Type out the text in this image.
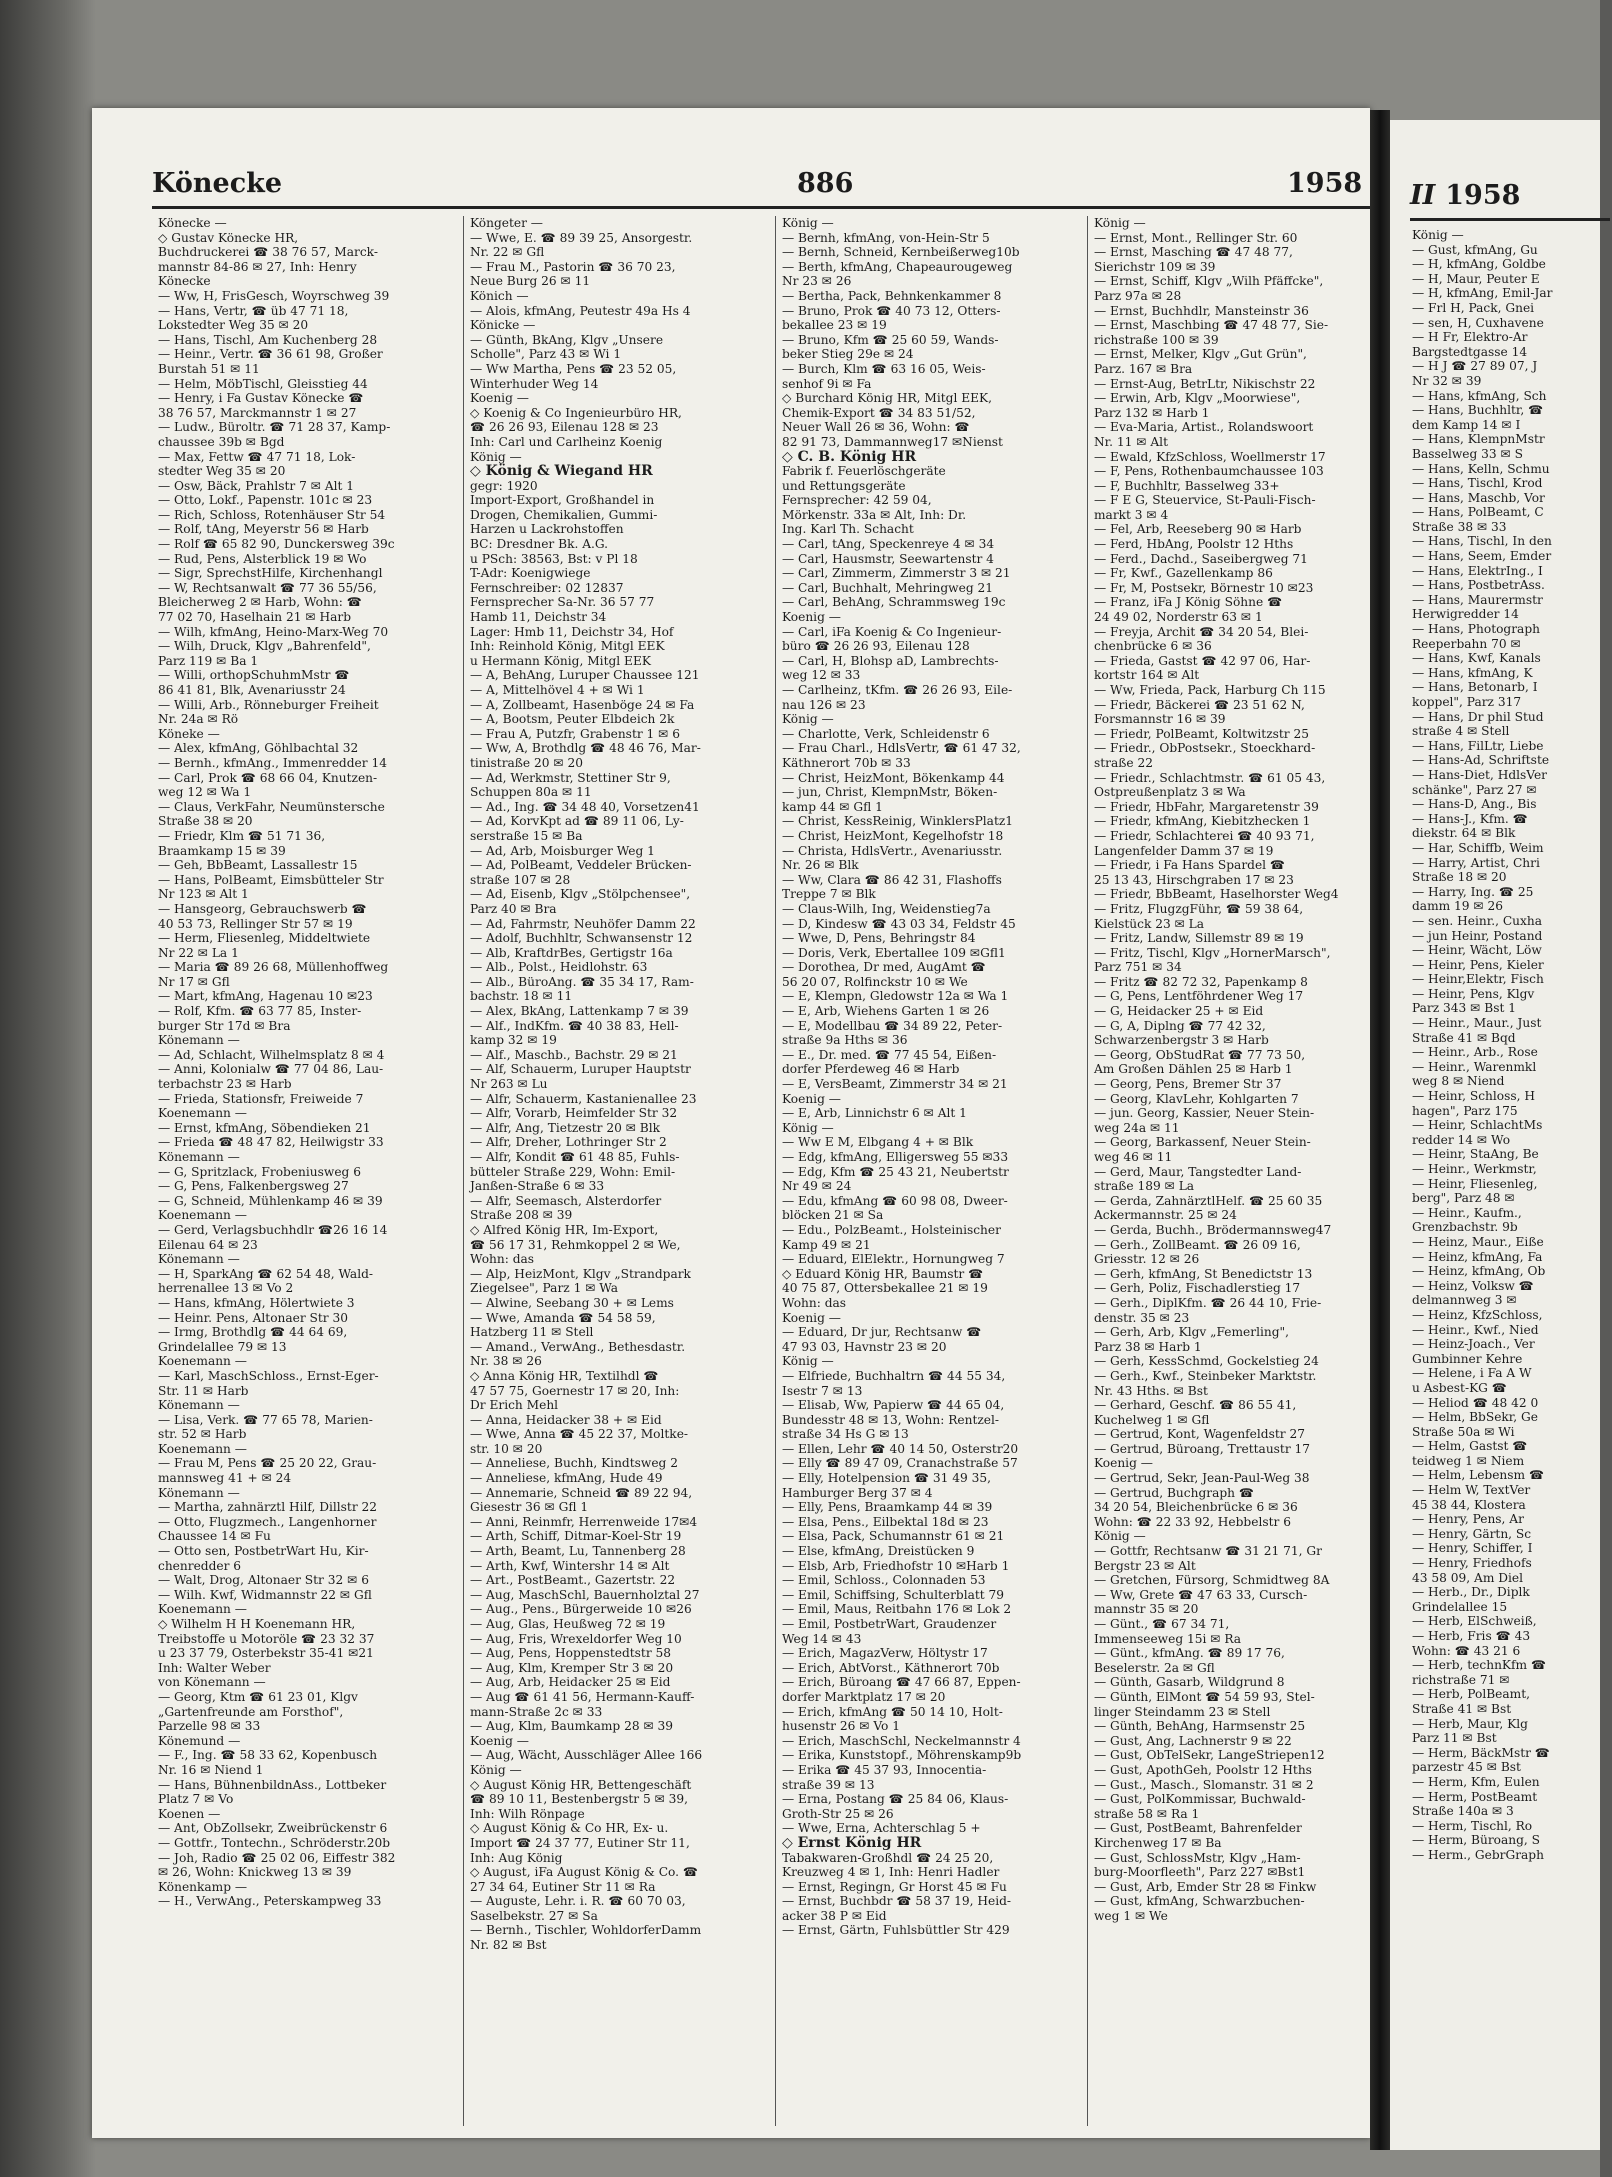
Könecke	886	1958
Könecke —
◇ Gustav Könecke HR,
Buchdruckerei ☎ 38 76 57, Marck-
mannstr 84-86 ✉ 27, Inh: Henry
Könecke
— Ww, H, FrisGesch, Woyrschweg 39
— Hans, Vertr, ☎ üb 47 71 18,
Lokstedter Weg 35 ✉ 20
— Hans, Tischl, Am Kuchenberg 28
— Heinr., Vertr. ☎ 36 61 98, Großer
Burstah 51 ✉ 11
— Helm, MöbTischl, Gleisstieg 44
— Henry, i Fa Gustav Könecke ☎
38 76 57, Marckmannstr 1 ✉ 27
— Ludw., Büroltr. ☎ 71 28 37, Kamp-
chaussee 39b ✉ Bgd
— Max, Fettw ☎ 47 71 18, Lok-
stedter Weg 35 ✉ 20
— Osw, Bäck, Prahlstr 7 ✉ Alt 1
— Otto, Lokf., Papenstr. 101c ✉ 23
— Rich, Schloss, Rotenhäuser Str 54
— Rolf, tAng, Meyerstr 56 ✉ Harb
— Rolf ☎ 65 82 90, Dunckersweg 39c
— Rud, Pens, Alsterblick 19 ✉ Wo
— Sigr, SprechstHilfe, Kirchenhangl
— W, Rechtsanwalt ☎ 77 36 55/56,
Bleicherweg 2 ✉ Harb, Wohn: ☎
77 02 70, Haselhain 21 ✉ Harb
— Wilh, kfmAng, Heino-Marx-Weg 70
— Wilh, Druck, Klgv „Bahrenfeld",
Parz 119 ✉ Ba 1
— Willi, orthopSchuhmMstr ☎
86 41 81, Blk, Avenariusstr 24
— Willi, Arb., Rönneburger Freiheit
Nr. 24a ✉ Rö
Köneke —
— Alex, kfmAng, Göhlbachtal 32
— Bernh., kfmAng., Immenredder 14
— Carl, Prok ☎ 68 66 04, Knutzen-
weg 12 ✉ Wa 1
— Claus, VerkFahr, Neumünstersche
Straße 38 ✉ 20
— Friedr, Klm ☎ 51 71 36,
Braamkamp 15 ✉ 39
— Geh, BbBeamt, Lassallestr 15
— Hans, PolBeamt, Eimsbütteler Str
Nr 123 ✉ Alt 1
— Hansgeorg, Gebrauchswerb ☎
40 53 73, Rellinger Str 57 ✉ 19
— Herm, Fliesenleg, Middeltwiete
Nr 22 ✉ La 1
— Maria ☎ 89 26 68, Müllenhoffweg
Nr 17 ✉ Gfl
— Mart, kfmAng, Hagenau 10 ✉23
— Rolf, Kfm. ☎ 63 77 85, Inster-
burger Str 17d ✉ Bra
Könemann —
— Ad, Schlacht, Wilhelmsplatz 8 ✉ 4
— Anni, Kolonialw ☎ 77 04 86, Lau-
terbachstr 23 ✉ Harb
— Frieda, Stationsfr, Freiweide 7
Koenemann —
— Ernst, kfmAng, Söbendieken 21
— Frieda ☎ 48 47 82, Heilwigstr 33
Könemann —
— G, Spritzlack, Frobeniusweg 6
— G, Pens, Falkenbergsweg 27
— G, Schneid, Mühlenkamp 46 ✉ 39
Koenemann —
— Gerd, Verlagsbuchhdlr ☎26 16 14
Eilenau 64 ✉ 23
Könemann —
— H, SparkAng ☎ 62 54 48, Wald-
herrenallee 13 ✉ Vo 2
— Hans, kfmAng, Hölertwiete 3
— Heinr. Pens, Altonaer Str 30
— Irmg, Brothdlg ☎ 44 64 69,
Grindelallee 79 ✉ 13
Koenemann —
— Karl, MaschSchloss., Ernst-Eger-
Str. 11 ✉ Harb
Könemann —
— Lisa, Verk. ☎ 77 65 78, Marien-
str. 52 ✉ Harb
Koenemann —
— Frau M, Pens ☎ 25 20 22, Grau-
mannsweg 41 + ✉ 24
Könemann —
— Martha, zahnärztl Hilf, Dillstr 22
— Otto, Flugzmech., Langenhorner
Chaussee 14 ✉ Fu
— Otto sen, PostbetrWart Hu, Kir-
chenredder 6
— Walt, Drog, Altonaer Str 32 ✉ 6
— Wilh. Kwf, Widmannstr 22 ✉ Gfl
Koenemann —
◇ Wilhelm H H Koenemann HR,
Treibstoffe u Motoröle ☎ 23 32 37
u 23 37 79, Osterbekstr 35-41 ✉21
Inh: Walter Weber
von Könemann —
— Georg, Ktm ☎ 61 23 01, Klgv
„Gartenfreunde am Forsthof",
Parzelle 98 ✉ 33
Könemund —
— F., Ing. ☎ 58 33 62, Kopenbusch
Nr. 16 ✉ Niend 1
— Hans, BühnenbildnAss., Lottbeker
Platz 7 ✉ Vo
Koenen —
— Ant, ObZollsekr, Zweibrückenstr 6
— Gottfr., Tontechn., Schröderstr.20b
— Joh, Radio ☎ 25 02 06, Eiffestr 382
✉ 26, Wohn: Knickweg 13 ✉ 39
Könenkamp —
— H., VerwAng., Peterskampweg 33
Köngeter —
— Wwe, E. ☎ 89 39 25, Ansorgestr.
Nr. 22 ✉ Gfl
— Frau M., Pastorin ☎ 36 70 23,
Neue Burg 26 ✉ 11
Könich —
— Alois, kfmAng, Peutestr 49a Hs 4
Könicke —
— Günth, BkAng, Klgv „Unsere
Scholle", Parz 43 ✉ Wi 1
— Ww Martha, Pens ☎ 23 52 05,
Winterhuder Weg 14
Koenig —
◇ Koenig & Co Ingenieurbüro HR,
☎ 26 26 93, Eilenau 128 ✉ 23
Inh: Carl und Carlheinz Koenig
König —
◇ König & Wiegand HR
gegr: 1920
Import-Export, Großhandel in
Drogen, Chemikalien, Gummi-
Harzen u Lackrohstoffen
BC: Dresdner Bk. A.G.
u PSch: 38563, Bst: v Pl 18
T-Adr: Koenigwiege
Fernschreiber: 02 12837
Fernsprecher Sa-Nr. 36 57 77
Hamb 11, Deichstr 34
Lager: Hmb 11, Deichstr 34, Hof
Inh: Reinhold König, Mitgl EEK
u Hermann König, Mitgl EEK
— A, BehAng, Luruper Chaussee 121
— A, Mittelhövel 4 + ✉ Wi 1
— A, Zollbeamt, Hasenböge 24 ✉ Fa
— A, Bootsm, Peuter Elbdeich 2k
— Frau A, Putzfr, Grabenstr 1 ✉ 6
— Ww, A, Brothdlg ☎ 48 46 76, Mar-
tinistraße 20 ✉ 20
— Ad, Werkmstr, Stettiner Str 9,
Schuppen 80a ✉ 11
— Ad., Ing. ☎ 34 48 40, Vorsetzen41
— Ad, KorvKpt ad ☎ 89 11 06, Ly-
serstraße 15 ✉ Ba
— Ad, Arb, Moisburger Weg 1
— Ad, PolBeamt, Veddeler Brücken-
straße 107 ✉ 28
— Ad, Eisenb, Klgv „Stölpchensee",
Parz 40 ✉ Bra
— Ad, Fahrmstr, Neuhöfer Damm 22
— Adolf, Buchhltr, Schwansenstr 12
— Alb, KraftdrBes, Gertigstr 16a
— Alb., Polst., Heidlohstr. 63
— Alb., BüroAng. ☎ 35 34 17, Ram-
bachstr. 18 ✉ 11
— Alex, BkAng, Lattenkamp 7 ✉ 39
— Alf., IndKfm. ☎ 40 38 83, Hell-
kamp 32 ✉ 19
— Alf., Maschb., Bachstr. 29 ✉ 21
— Alf, Schauerm, Luruper Hauptstr
Nr 263 ✉ Lu
— Alfr, Schauerm, Kastanienallee 23
— Alfr, Vorarb, Heimfelder Str 32
— Alfr, Ang, Tietzestr 20 ✉ Blk
— Alfr, Dreher, Lothringer Str 2
— Alfr, Kondit ☎ 61 48 85, Fuhls-
bütteler Straße 229, Wohn: Emil-
Janßen-Straße 6 ✉ 33
— Alfr, Seemasch, Alsterdorfer
Straße 208 ✉ 39
◇ Alfred König HR, Im-Export,
☎ 56 17 31, Rehmkoppel 2 ✉ We,
Wohn: das
— Alp, HeizMont, Klgv „Strandpark
Ziegelsee", Parz 1 ✉ Wa
— Alwine, Seebang 30 + ✉ Lems
— Wwe, Amanda ☎ 54 58 59,
Hatzberg 11 ✉ Stell
— Amand., VerwAng., Bethesdastr.
Nr. 38 ✉ 26
◇ Anna König HR, Textilhdl ☎
47 57 75, Goernestr 17 ✉ 20, Inh:
Dr Erich Mehl
— Anna, Heidacker 38 + ✉ Eid
— Wwe, Anna ☎ 45 22 37, Moltke-
str. 10 ✉ 20
— Anneliese, Buchh, Kindtsweg 2
— Anneliese, kfmAng, Hude 49
— Annemarie, Schneid ☎ 89 22 94,
Giesestr 36 ✉ Gfl 1
— Anni, Reinmfr, Herrenweide 17✉4
— Arth, Schiff, Ditmar-Koel-Str 19
— Arth, Beamt, Lu, Tannenberg 28
— Arth, Kwf, Wintershr 14 ✉ Alt
— Art., PostBeamt., Gazertstr. 22
— Aug, MaschSchl, Bauernholztal 27
— Aug., Pens., Bürgerweide 10 ✉26
— Aug, Glas, Heußweg 72 ✉ 19
— Aug, Fris, Wrexeldorfer Weg 10
— Aug, Pens, Hoppenstedtstr 58
— Aug, Klm, Kremper Str 3 ✉ 20
— Aug, Arb, Heidacker 25 ✉ Eid
— Aug ☎ 61 41 56, Hermann-Kauff-
mann-Straße 2c ✉ 33
— Aug, Klm, Baumkamp 28 ✉ 39
Koenig —
— Aug, Wächt, Ausschläger Allee 166
König —
◇ August König HR, Bettengeschäft
☎ 89 10 11, Bestenbergstr 5 ✉ 39,
Inh: Wilh Rönpage
◇ August König & Co HR, Ex- u.
Import ☎ 24 37 77, Eutiner Str 11,
Inh: Aug König
◇ August, iFa August König & Co. ☎
27 34 64, Eutiner Str 11 ✉ Ra
— Auguste, Lehr. i. R. ☎ 60 70 03,
Saselbekstr. 27 ✉ Sa
— Bernh., Tischler, WohldorferDamm
Nr. 82 ✉ Bst
König —
— Bernh, kfmAng, von-Hein-Str 5
— Bernh, Schneid, Kernbeißerweg10b
— Berth, kfmAng, Chapeaurougeweg
Nr 23 ✉ 26
— Bertha, Pack, Behnkenkammer 8
— Bruno, Prok ☎ 40 73 12, Otters-
bekallee 23 ✉ 19
— Bruno, Kfm ☎ 25 60 59, Wands-
beker Stieg 29e ✉ 24
— Burch, Klm ☎ 63 16 05, Weis-
senhof 9i ✉ Fa
◇ Burchard König HR, Mitgl EEK,
Chemik-Export ☎ 34 83 51/52,
Neuer Wall 26 ✉ 36, Wohn: ☎
82 91 73, Dammannweg17 ✉Nienst
◇ C. B. König HR
Fabrik f. Feuerlöschgeräte
und Rettungsgeräte
Fernsprecher: 42 59 04,
Mörkenstr. 33a ✉ Alt, Inh: Dr.
Ing. Karl Th. Schacht
— Carl, tAng, Speckenreye 4 ✉ 34
— Carl, Hausmstr, Seewartenstr 4
— Carl, Zimmerm, Zimmerstr 3 ✉ 21
— Carl, Buchhalt, Mehringweg 21
— Carl, BehAng, Schrammsweg 19c
Koenig —
— Carl, iFa Koenig & Co Ingenieur-
büro ☎ 26 26 93, Eilenau 128
— Carl, H, Blohsp aD, Lambrechts-
weg 12 ✉ 33
— Carlheinz, tKfm. ☎ 26 26 93, Eile-
nau 126 ✉ 23
König —
— Charlotte, Verk, Schleidenstr 6
— Frau Charl., HdlsVertr, ☎ 61 47 32,
Käthnerort 70b ✉ 33
— Christ, HeizMont, Bökenkamp 44
— jun, Christ, KlempnMstr, Böken-
kamp 44 ✉ Gfl 1
— Christ, KessReinig, WinklersPlatz1
— Christ, HeizMont, Kegelhofstr 18
— Christa, HdlsVertr., Avenariusstr.
Nr. 26 ✉ Blk
— Ww, Clara ☎ 86 42 31, Flashoffs
Treppe 7 ✉ Blk
— Claus-Wilh, Ing, Weidenstieg7a
— D, Kindesw ☎ 43 03 34, Feldstr 45
— Wwe, D, Pens, Behringstr 84
— Doris, Verk, Ebertallee 109 ✉Gfl1
— Dorothea, Dr med, AugAmt ☎
56 20 07, Rolfinckstr 10 ✉ We
— E, Klempn, Gledowstr 12a ✉ Wa 1
— E, Arb, Wiehens Garten 1 ✉ 26
— E, Modellbau ☎ 34 89 22, Peter-
straße 9a Hths ✉ 36
— E., Dr. med. ☎ 77 45 54, Eißen-
dorfer Pferdeweg 46 ✉ Harb
— E, VersBeamt, Zimmerstr 34 ✉ 21
Koenig —
— E, Arb, Linnichstr 6 ✉ Alt 1
König —
— Ww E M, Elbgang 4 + ✉ Blk
— Edg, kfmAng, Elligersweg 55 ✉33
— Edg, Kfm ☎ 25 43 21, Neubertstr
Nr 49 ✉ 24
— Edu, kfmAng ☎ 60 98 08, Dweer-
blöcken 21 ✉ Sa
— Edu., PolzBeamt., Holsteinischer
Kamp 49 ✉ 21
— Eduard, ElElektr., Hornungweg 7
◇ Eduard König HR, Baumstr ☎
40 75 87, Ottersbekallee 21 ✉ 19
Wohn: das
Koenig —
— Eduard, Dr jur, Rechtsanw ☎
47 93 03, Havnstr 23 ✉ 20
König —
— Elfriede, Buchhaltrn ☎ 44 55 34,
Isestr 7 ✉ 13
— Elisab, Ww, Papierw ☎ 44 65 04,
Bundesstr 48 ✉ 13, Wohn: Rentzel-
straße 34 Hs G ✉ 13
— Ellen, Lehr ☎ 40 14 50, Osterstr20
— Elly ☎ 89 47 09, Cranachstraße 57
— Elly, Hotelpension ☎ 31 49 35,
Hamburger Berg 37 ✉ 4
— Elly, Pens, Braamkamp 44 ✉ 39
— Elsa, Pens., Eilbektal 18d ✉ 23
— Elsa, Pack, Schumannstr 61 ✉ 21
— Else, kfmAng, Dreistücken 9
— Elsb, Arb, Friedhofstr 10 ✉Harb 1
— Emil, Schloss., Colonnaden 53
— Emil, Schiffsing, Schulterblatt 79
— Emil, Maus, Reitbahn 176 ✉ Lok 2
— Emil, PostbetrWart, Graudenzer
Weg 14 ✉ 43
— Erich, MagazVerw, Höltystr 17
— Erich, AbtVorst., Käthnerort 70b
— Erich, Büroang ☎ 47 66 87, Eppen-
dorfer Marktplatz 17 ✉ 20
— Erich, kfmAng ☎ 50 14 10, Holt-
husenstr 26 ✉ Vo 1
— Erich, MaschSchl, Neckelmannstr 4
— Erika, Kunststopf., Möhrenskamp9b
— Erika ☎ 45 37 93, Innocentia-
straße 39 ✉ 13
— Erna, Postang ☎ 25 84 06, Klaus-
Groth-Str 25 ✉ 26
— Wwe, Erna, Achterschlag 5 +
◇ Ernst König HR
Tabakwaren-Großhdl ☎ 24 25 20,
Kreuzweg 4 ✉ 1, Inh: Henri Hadler
— Ernst, Regingn, Gr Horst 45 ✉ Fu
— Ernst, Buchbdr ☎ 58 37 19, Heid-
acker 38 P ✉ Eid
— Ernst, Gärtn, Fuhlsbüttler Str 429
König —
— Ernst, Mont., Rellinger Str. 60
— Ernst, Masching ☎ 47 48 77,
Sierichstr 109 ✉ 39
— Ernst, Schiff, Klgv „Wilh Pfäffcke",
Parz 97a ✉ 28
— Ernst, Buchhdlr, Mansteinstr 36
— Ernst, Maschbing ☎ 47 48 77, Sie-
richstraße 100 ✉ 39
— Ernst, Melker, Klgv „Gut Grün",
Parz. 167 ✉ Bra
— Ernst-Aug, BetrLtr, Nikischstr 22
— Erwin, Arb, Klgv „Moorwiese",
Parz 132 ✉ Harb 1
— Eva-Maria, Artist., Rolandswoort
Nr. 11 ✉ Alt
— Ewald, KfzSchloss, Woellmerstr 17
— F, Pens, Rothenbaumchaussee 103
— F, Buchhltr, Basselweg 33+
— F E G, Steuervice, St-Pauli-Fisch-
markt 3 ✉ 4
— Fel, Arb, Reeseberg 90 ✉ Harb
— Ferd, HbAng, Poolstr 12 Hths
— Ferd., Dachd., Saseibergweg 71
— Fr, Kwf., Gazellenkamp 86
— Fr, M, Postsekr, Börnestr 10 ✉23
— Franz, iFa J König Söhne ☎
24 49 02, Norderstr 63 ✉ 1
— Freyja, Archit ☎ 34 20 54, Blei-
chenbrücke 6 ✉ 36
— Frieda, Gastst ☎ 42 97 06, Har-
kortstr 164 ✉ Alt
— Ww, Frieda, Pack, Harburg Ch 115
— Friedr, Bäckerei ☎ 23 51 62 N,
Forsmannstr 16 ✉ 39
— Friedr, PolBeamt, Koltwitzstr 25
— Friedr., ObPostsekr., Stoeckhard-
straße 22
— Friedr., Schlachtmstr. ☎ 61 05 43,
Ostpreußenplatz 3 ✉ Wa
— Friedr, HbFahr, Margaretenstr 39
— Friedr, kfmAng, Kiebitzhecken 1
— Friedr, Schlachterei ☎ 40 93 71,
Langenfelder Damm 37 ✉ 19
— Friedr, i Fa Hans Spardel ☎
25 13 43, Hirschgraben 17 ✉ 23
— Friedr, BbBeamt, Haselhorster Weg4
— Fritz, FlugzgFühr, ☎ 59 38 64,
Kielstück 23 ✉ La
— Fritz, Landw, Sillemstr 89 ✉ 19
— Fritz, Tischl, Klgv „HornerMarsch",
Parz 751 ✉ 34
— Fritz ☎ 82 72 32, Papenkamp 8
— G, Pens, Lentföhrdener Weg 17
— G, Heidacker 25 + ✉ Eid
— G, A, Diplng ☎ 77 42 32,
Schwarzenbergstr 3 ✉ Harb
— Georg, ObStudRat ☎ 77 73 50,
Am Großen Dählen 25 ✉ Harb 1
— Georg, Pens, Bremer Str 37
— Georg, KlavLehr, Kohlgarten 7
— jun. Georg, Kassier, Neuer Stein-
weg 24a ✉ 11
— Georg, Barkassenf, Neuer Stein-
weg 46 ✉ 11
— Gerd, Maur, Tangstedter Land-
straße 189 ✉ La
— Gerda, ZahnärztlHelf. ☎ 25 60 35
Ackermannstr. 25 ✉ 24
— Gerda, Buchh., Brödermannsweg47
— Gerh., ZollBeamt. ☎ 26 09 16,
Griesstr. 12 ✉ 26
— Gerh, kfmAng, St Benedictstr 13
— Gerh, Poliz, Fischadlerstieg 17
— Gerh., DiplKfm. ☎ 26 44 10, Frie-
denstr. 35 ✉ 23
— Gerh, Arb, Klgv „Femerling",
Parz 38 ✉ Harb 1
— Gerh, KessSchmd, Gockelstieg 24
— Gerh., Kwf., Steinbeker Marktstr.
Nr. 43 Hths. ✉ Bst
— Gerhard, Geschf. ☎ 86 55 41,
Kuchelweg 1 ✉ Gfl
— Gertrud, Kont, Wagenfeldstr 27
— Gertrud, Büroang, Trettaustr 17
Koenig —
— Gertrud, Sekr, Jean-Paul-Weg 38
— Gertrud, Buchgraph ☎
34 20 54, Bleichenbrücke 6 ✉ 36
Wohn: ☎ 22 33 92, Hebbelstr 6
König —
— Gottfr, Rechtsanw ☎ 31 21 71, Gr
Bergstr 23 ✉ Alt
— Gretchen, Fürsorg, Schmidtweg 8A
— Ww, Grete ☎ 47 63 33, Cursch-
mannstr 35 ✉ 20
— Günt., ☎ 67 34 71,
Immenseeweg 15i ✉ Ra
— Günt., kfmAng. ☎ 89 17 76,
Beselerstr. 2a ✉ Gfl
— Günth, Gasarb, Wildgrund 8
— Günth, ElMont ☎ 54 59 93, Stel-
linger Steindamm 23 ✉ Stell
— Günth, BehAng, Harmsenstr 25
— Gust, Ang, Lachnerstr 9 ✉ 22
— Gust, ObTelSekr, LangeStriepen12
— Gust, ApothGeh, Poolstr 12 Hths
— Gust., Masch., Slomanstr. 31 ✉ 2
— Gust, PolKommissar, Buchwald-
straße 58 ✉ Ra 1
— Gust, PostBeamt, Bahrenfelder
Kirchenweg 17 ✉ Ba
— Gust, SchlossMstr, Klgv „Ham-
burg-Moorfleeth", Parz 227 ✉Bst1
— Gust, Arb, Emder Str 28 ✉ Finkw
— Gust, kfmAng, Schwarzbuchen-
weg 1 ✉ We
II 1958
König —
— Gust, kfmAng, Gu
— H, kfmAng, Goldbe
— H, Maur, Peuter E
— H, kfmAng, Emil-Jar
— Frl H, Pack, Gnei
— sen, H, Cuxhavene
— H Fr, Elektro-Ar
Bargstedtgasse 14
— H J ☎ 27 89 07, J
Nr 32 ✉ 39
— Hans, kfmAng, Sch
— Hans, Buchhltr, ☎
dem Kamp 14 ✉ I
— Hans, KlempnMstr
Basselweg 33 ✉ S
— Hans, Kelln, Schmu
— Hans, Tischl, Krod
— Hans, Maschb, Vor
— Hans, PolBeamt, C
Straße 38 ✉ 33
— Hans, Tischl, In den
— Hans, Seem, Emder
— Hans, ElektrIng., I
— Hans, PostbetrAss.
— Hans, Maurermstr
Herwigredder 14
— Hans, Photograph
Reeperbahn 70 ✉
— Hans, Kwf, Kanals
— Hans, kfmAng, K
— Hans, Betonarb, I
koppel", Parz 317
— Hans, Dr phil Stud
straße 4 ✉ Stell
— Hans, FilLtr, Liebe
— Hans-Ad, Schriftste
— Hans-Diet, HdlsVer
schänke", Parz 27 ✉
— Hans-D, Ang., Bis
— Hans-J., Kfm. ☎
diekstr. 64 ✉ Blk
— Har, Schiffb, Weim
— Harry, Artist, Chri
Straße 18 ✉ 20
— Harry, Ing. ☎ 25
damm 19 ✉ 26
— sen. Heinr., Cuxha
— jun Heinr, Postand
— Heinr, Wächt, Löw
— Heinr, Pens, Kieler
— Heinr,Elektr, Fisch
— Heinr, Pens, Klgv
Parz 343 ✉ Bst 1
— Heinr., Maur., Just
Straße 41 ✉ Bqd
— Heinr., Arb., Rose
— Heinr., Warenmkl
weg 8 ✉ Niend
— Heinr, Schloss, H
hagen", Parz 175
— Heinr, SchlachtMs
redder 14 ✉ Wo
— Heinr, StaAng, Be
— Heinr., Werkmstr,
— Heinr, Fliesenleg,
berg", Parz 48 ✉
— Heinr., Kaufm.,
Grenzbachstr. 9b
— Heinz, Maur., Eiße
— Heinz, kfmAng, Fa
— Heinz, kfmAng, Ob
— Heinz, Volksw ☎
delmannweg 3 ✉
— Heinz, KfzSchloss,
— Heinr., Kwf., Nied
— Heinz-Joach., Ver
Gumbinner Kehre
— Helene, i Fa A W
u Asbest-KG ☎
— Heliod ☎ 48 42 0
— Helm, BbSekr, Ge
Straße 50a ✉ Wi
— Helm, Gastst ☎
teidweg 1 ✉ Niem
— Helm, Lebensm ☎
— Helm W, TextVer
45 38 44, Klostera
— Henry, Pens, Ar
— Henry, Gärtn, Sc
— Henry, Schiffer, I
— Henry, Friedhofs
43 58 09, Am Diel
— Herb., Dr., Diplk
Grindelallee 15
— Herb, ElSchweiß,
— Herb, Fris ☎ 43
Wohn: ☎ 43 21 6
— Herb, technKfm ☎
richstraße 71 ✉
— Herb, PolBeamt,
Straße 41 ✉ Bst
— Herb, Maur, Klg
Parz 11 ✉ Bst
— Herm, BäckMstr ☎
parzestr 45 ✉ Bst
— Herm, Kfm, Eulen
— Herm, PostBeamt
Straße 140a ✉ 3
— Herm, Tischl, Ro
— Herm, Büroang, S
— Herm., GebrGraph
